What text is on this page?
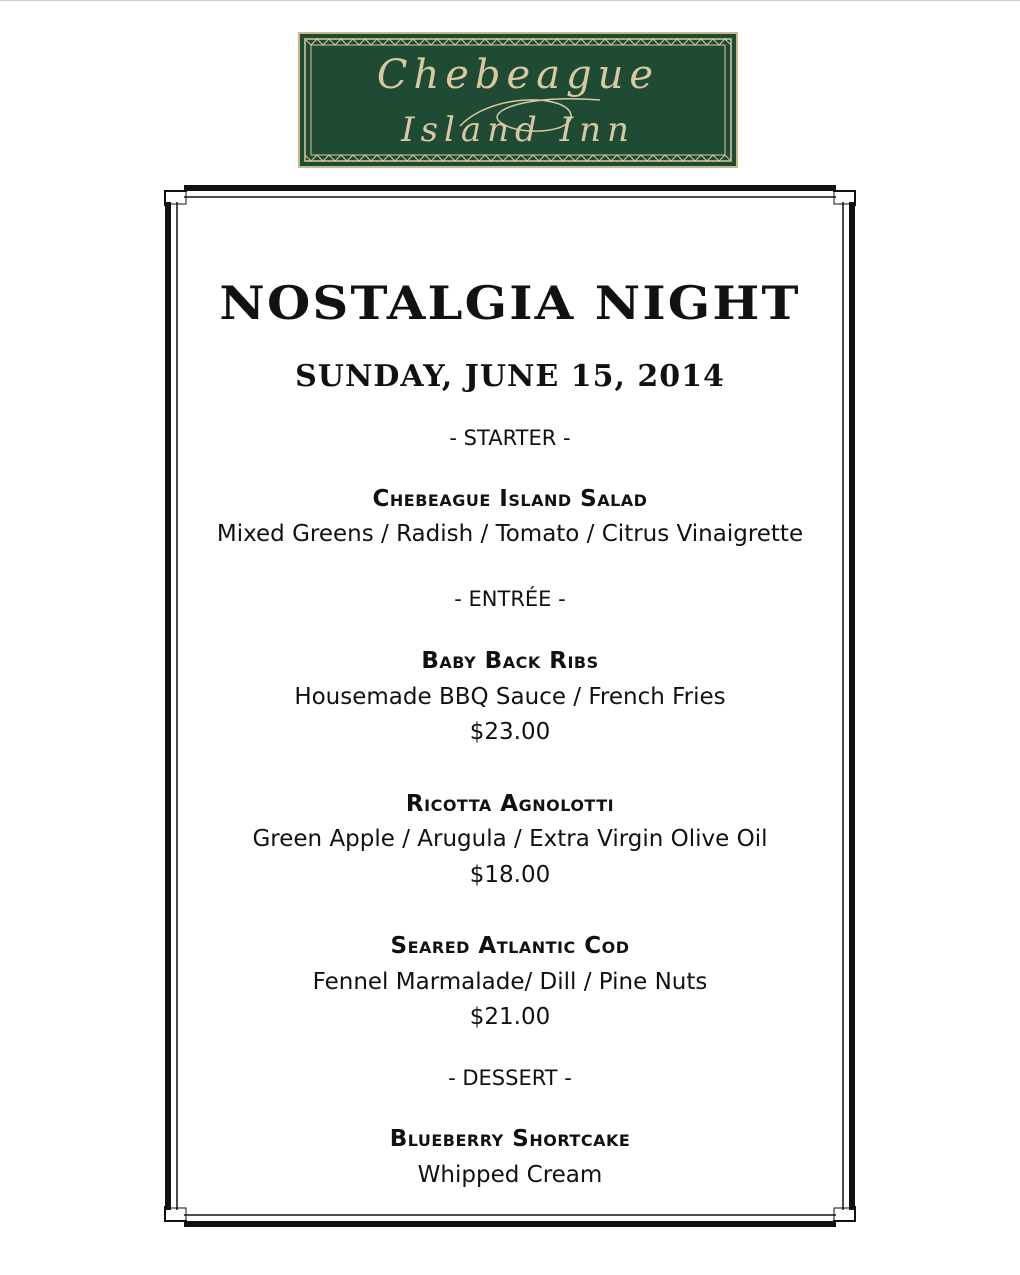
Chebeague
Island Inn
NOSTALGIA NIGHT
SUNDAY, JUNE 15, 2014
- STARTER -
Chebeague Island Salad
Mixed Greens / Radish / Tomato / Citrus Vinaigrette
- ENTRÉE -
Baby Back Ribs
Housemade BBQ Sauce / French Fries
$23.00
Ricotta Agnolotti
Green Apple / Arugula / Extra Virgin Olive Oil
$18.00
Seared Atlantic Cod
Fennel Marmalade/ Dill / Pine Nuts
$21.00
- DESSERT -
Blueberry Shortcake
Whipped Cream
